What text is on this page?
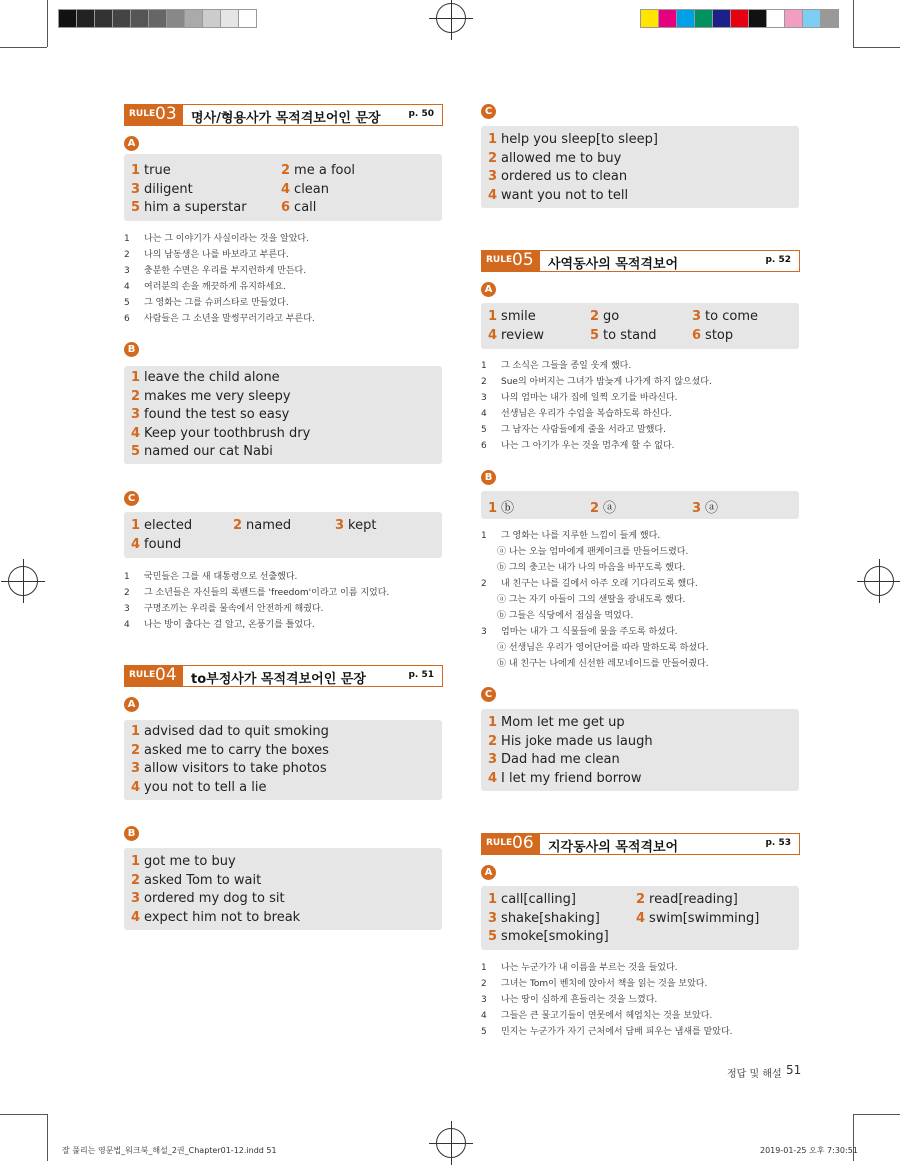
RULE 03 명사/형용사가 목적격보어인 문장	p. 50
A
1 true	2 me a fool
3 diligent	4 clean
5 him a superstar	6 call
1 나는 그 이야기가 사실이라는 것을 알았다.
2 나의 남동생은 나를 바보라고 부른다.
3 충분한 수면은 우리를 부지런하게 만든다.
4 여러분의 손을 깨끗하게 유지하세요.
5 그 영화는 그를 슈퍼스타로 만들었다.
6 사람들은 그 소년을 말썽꾸러기라고 부른다.
B
1 leave the child alone
2 makes me very sleepy
3 found the test so easy
4 Keep your toothbrush dry
5 named our cat Nabi
C
1 elected	2 named	3 kept
4 found
1 국민들은 그를 새 대통령으로 선출했다.
2 그 소년들은 자신들의 록밴드를 'freedom'이라고 이름 지었다.
3 구명조끼는 우리를 물속에서 안전하게 해줬다.
4 나는 방이 춥다는 걸 알고, 온풍기를 틀었다.
RULE 04 to부정사가 목적격보어인 문장	p. 51
A
1 advised dad to quit smoking
2 asked me to carry the boxes
3 allow visitors to take photos
4 you not to tell a lie
B
1 got me to buy
2 asked Tom to wait
3 ordered my dog to sit
4 expect him not to break
C
1 help you sleep[to sleep]
2 allowed me to buy
3 ordered us to clean
4 want you not to tell
RULE 05 사역동사의 목적격보어	p. 52
A
1 smile	2 go	3 to come
4 review	5 to stand	6 stop
1 그 소식은 그들을 종일 웃게 했다.
2 Sue의 아버지는 그녀가 밤늦게 나가게 하지 않으셨다.
3 나의 엄마는 내가 집에 일찍 오기를 바라신다.
4 선생님은 우리가 수업을 복습하도록 하신다.
5 그 남자는 사람들에게 줄을 서라고 말했다.
6 나는 그 아기가 우는 것을 멈추게 할 수 없다.
B
1 ⓑ	2 ⓐ	3 ⓐ
1 그 영화는 나를 지루한 느낌이 들게 했다.
ⓐ 나는 오늘 엄마에게 팬케이크를 만들어드렸다.
ⓑ 그의 충고는 내가 나의 마음을 바꾸도록 했다.
2 내 친구는 나를 길에서 아주 오래 기다리도록 했다.
ⓐ 그는 자기 아들이 그의 샌딸을 광내도록 했다.
ⓑ 그들은 식당에서 점심을 먹었다.
3 엄마는 내가 그 식물들에 물을 주도록 하셨다.
ⓐ 선생님은 우리가 영어단어를 따라 말하도록 하셨다.
ⓑ 내 친구는 나에게 신선한 레모네이드를 만들어줬다.
C
1 Mom let me get up
2 His joke made us laugh
3 Dad had me clean
4 I let my friend borrow
RULE 06 지각동사의 목적격보어	p. 53
A
1 call[calling]	2 read[reading]
3 shake[shaking]	4 swim[swimming]
5 smoke[smoking]
1 나는 누군가가 내 이름을 부르는 것을 들었다.
2 그녀는 Tom이 벤치에 앉아서 책을 읽는 것을 보았다.
3 나는 땅이 심하게 흔들리는 것을 느꼈다.
4 그들은 큰 물고기들이 연못에서 헤엄치는 것을 보았다.
5 민지는 누군가가 자기 근처에서 담배 피우는 냄새를 맡았다.
정답 및 해설 51
잘 풀리는 영문법_워크북_해설_2권_Chapter01-12.indd 51	2019-01-25 오후 7:30:51
